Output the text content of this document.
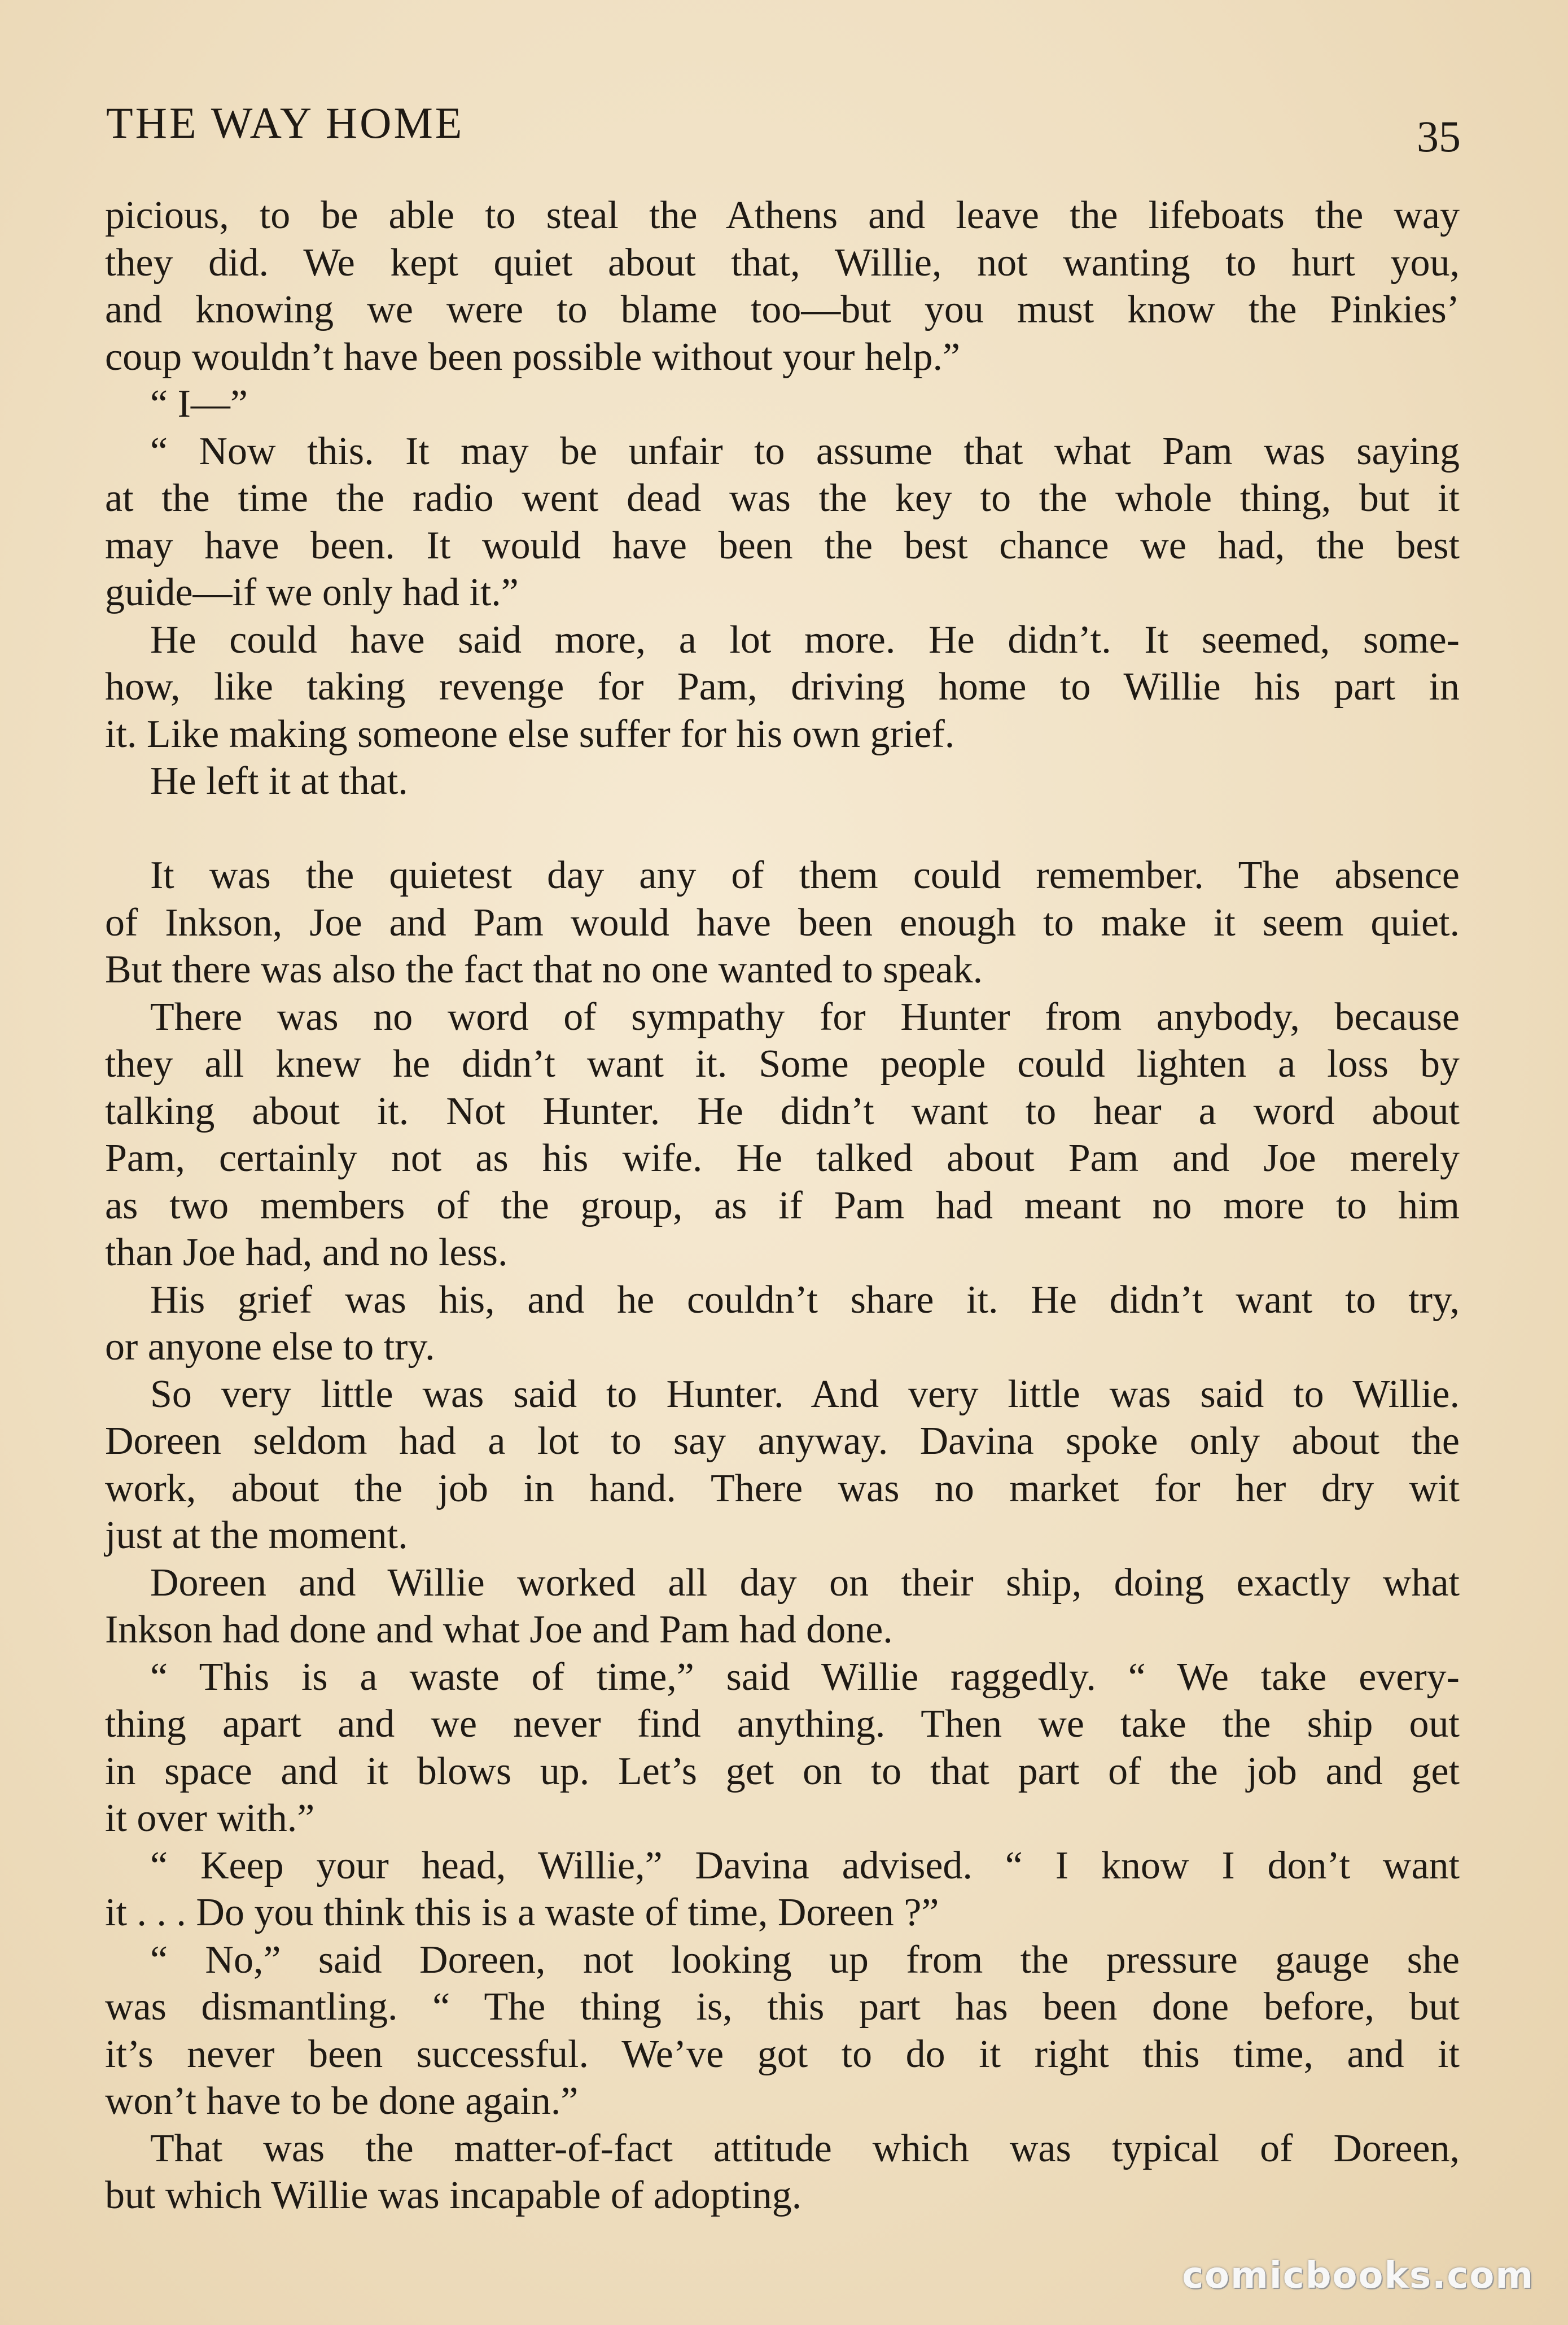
THE WAY HOME	35
picious, to be able to steal the Athens and leave the lifeboats the way
they did. We kept quiet about that, Willie, not wanting to hurt you,
and knowing we were to blame too—but you must know the Pinkies’
coup wouldn’t have been possible without your help.”
“ I—”
“ Now this. It may be unfair to assume that what Pam was saying
at the time the radio went dead was the key to the whole thing, but it
may have been. It would have been the best chance we had, the best
guide—if we only had it.”
He could have said more, a lot more. He didn’t. It seemed, some-
how, like taking revenge for Pam, driving home to Willie his part in
it. Like making someone else suffer for his own grief.
He left it at that.
It was the quietest day any of them could remember. The absence
of Inkson, Joe and Pam would have been enough to make it seem quiet.
But there was also the fact that no one wanted to speak.
There was no word of sympathy for Hunter from anybody, because
they all knew he didn’t want it. Some people could lighten a loss by
talking about it. Not Hunter. He didn’t want to hear a word about
Pam, certainly not as his wife. He talked about Pam and Joe merely
as two members of the group, as if Pam had meant no more to him
than Joe had, and no less.
His grief was his, and he couldn’t share it. He didn’t want to try,
or anyone else to try.
So very little was said to Hunter. And very little was said to Willie.
Doreen seldom had a lot to say anyway. Davina spoke only about the
work, about the job in hand. There was no market for her dry wit
just at the moment.
Doreen and Willie worked all day on their ship, doing exactly what
Inkson had done and what Joe and Pam had done.
“ This is a waste of time,” said Willie raggedly. “ We take every-
thing apart and we never find anything. Then we take the ship out
in space and it blows up. Let’s get on to that part of the job and get
it over with.”
“ Keep your head, Willie,” Davina advised. “ I know I don’t want
it . . . Do you think this is a waste of time, Doreen ?”
“ No,” said Doreen, not looking up from the pressure gauge she
was dismantling. “ The thing is, this part has been done before, but
it’s never been successful. We’ve got to do it right this time, and it
won’t have to be done again.”
That was the matter-of-fact attitude which was typical of Doreen,
but which Willie was incapable of adopting.
comicbooks.com
